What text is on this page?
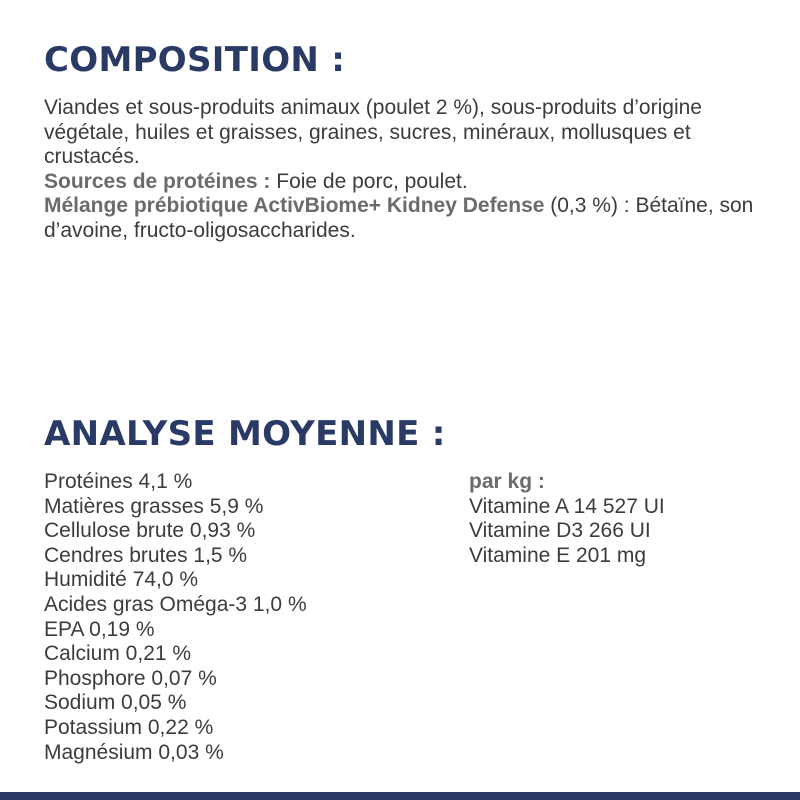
COMPOSITION :

Viandes et sous-produits animaux (poulet 2 %), sous-produits d’origine végétale, huiles et graisses, graines, sucres, minéraux, mollusques et crustacés.

Sources de protéines : Foie de porc, poulet.

Mélange prébiotique ActivBiome+ Kidney Defense (0,3 %) : Bétaïne, son d’avoine, fructo-oligosaccharides.

ANALYSE MOYENNE :
Protéines 4,1 %
Matières grasses 5,9 %
Cellulose brute 0,93 %
Cendres brutes 1,5 %
Humidité 74,0 %
Acides gras Oméga-3 1,0 %
EPA 0,19 %
Calcium 0,21 %
Phosphore 0,07 %
Sodium 0,05 %
Potassium 0,22 %
Magnésium 0,03 %
par kg :
Vitamine A 14 527 UI
Vitamine D3 266 UI
Vitamine E 201 mg
